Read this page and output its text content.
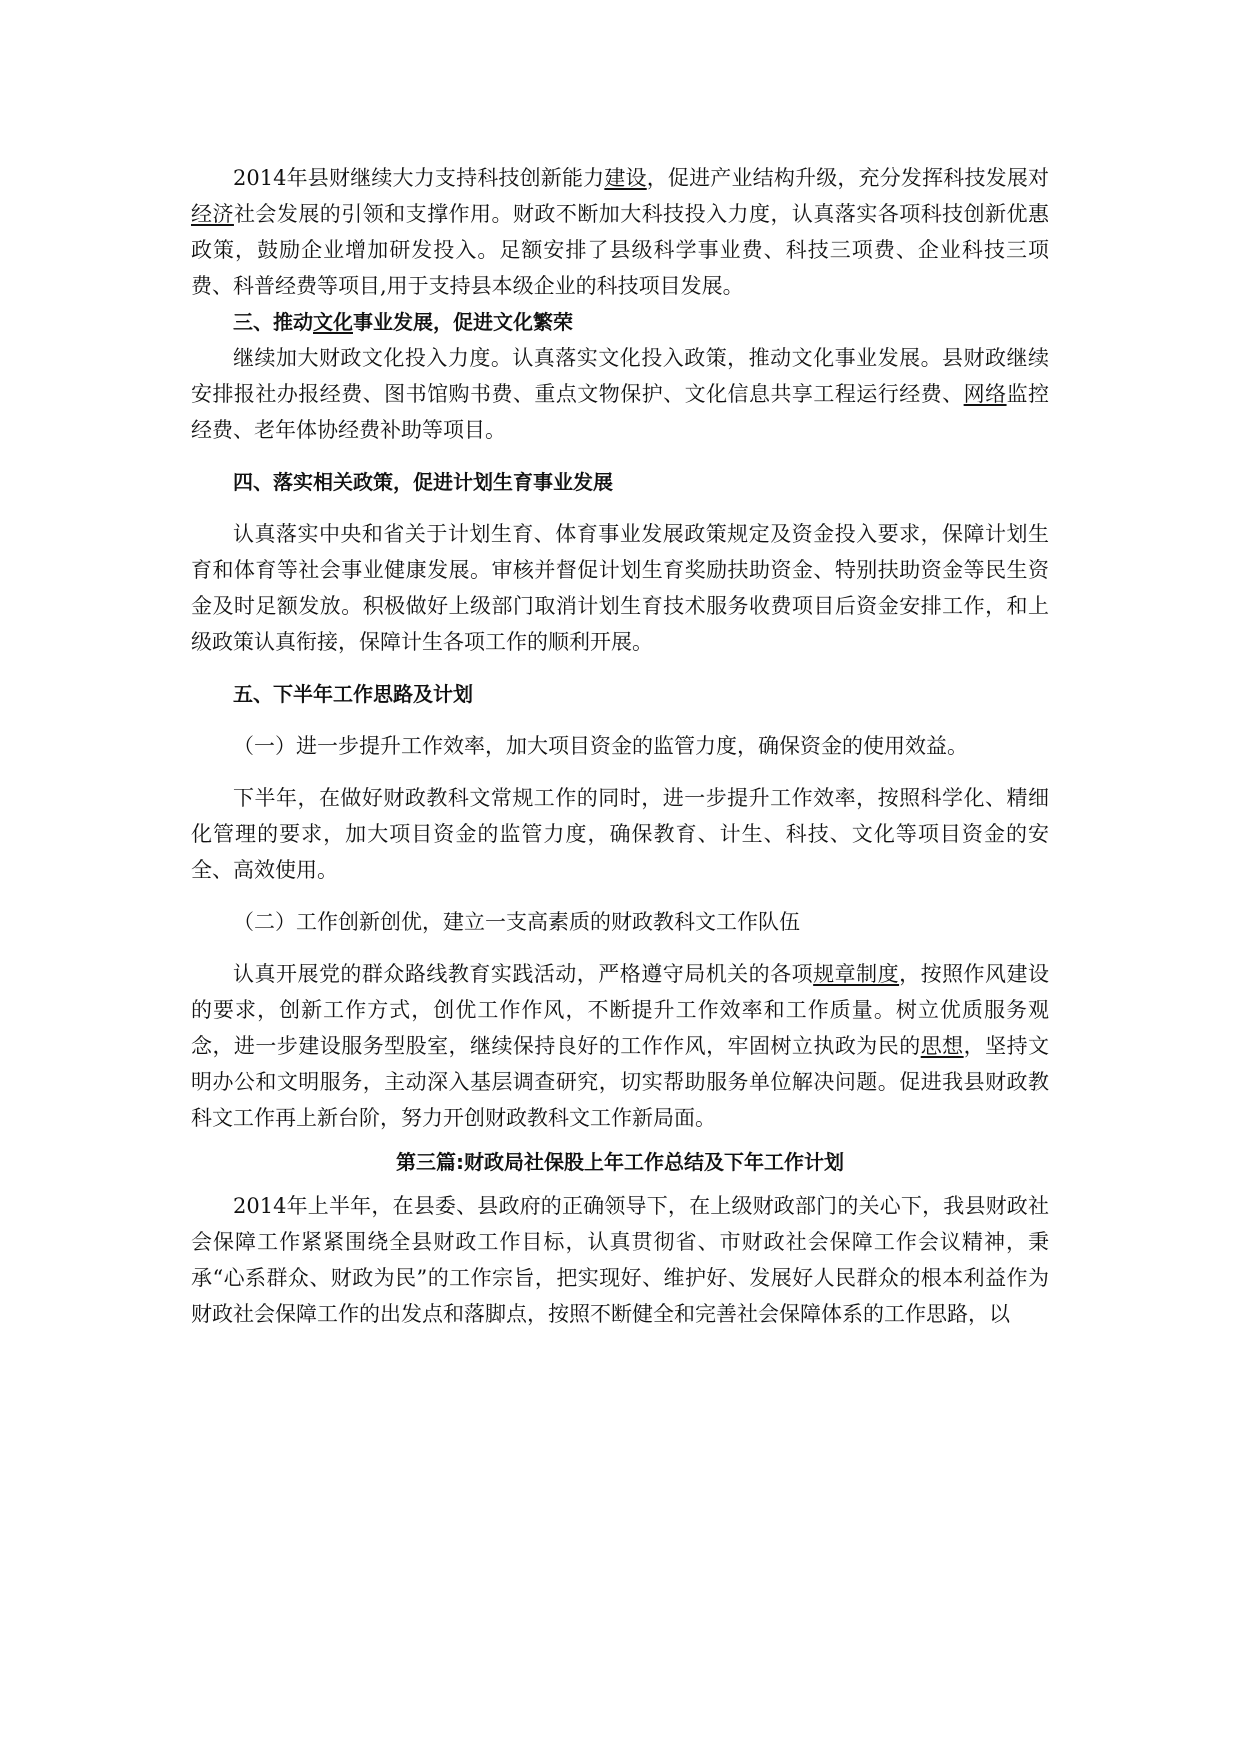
2014年县财继续大力支持科技创新能力建设，促进产业结构升级，充分发挥科技发展对经济社会发展的引领和支撑作用。财政不断加大科技投入力度，认真落实各项科技创新优惠政策，鼓励企业增加研发投入。足额安排了县级科学事业费、科技三项费、企业科技三项费、科普经费等项目,用于支持县本级企业的科技项目发展。

三、推动文化事业发展，促进文化繁荣

继续加大财政文化投入力度。认真落实文化投入政策，推动文化事业发展。县财政继续安排报社办报经费、图书馆购书费、重点文物保护、文化信息共享工程运行经费、网络监控经费、老年体协经费补助等项目。

四、落实相关政策，促进计划生育事业发展

认真落实中央和省关于计划生育、体育事业发展政策规定及资金投入要求，保障计划生育和体育等社会事业健康发展。审核并督促计划生育奖励扶助资金、特别扶助资金等民生资金及时足额发放。积极做好上级部门取消计划生育技术服务收费项目后资金安排工作，和上级政策认真衔接，保障计生各项工作的顺利开展。

五、下半年工作思路及计划

（一）进一步提升工作效率，加大项目资金的监管力度，确保资金的使用效益。

下半年，在做好财政教科文常规工作的同时，进一步提升工作效率，按照科学化、精细化管理的要求，加大项目资金的监管力度，确保教育、计生、科技、文化等项目资金的安全、高效使用。

（二）工作创新创优，建立一支高素质的财政教科文工作队伍

认真开展党的群众路线教育实践活动，严格遵守局机关的各项规章制度，按照作风建设的要求，创新工作方式，创优工作作风，不断提升工作效率和工作质量。树立优质服务观念，进一步建设服务型股室，继续保持良好的工作作风，牢固树立执政为民的思想，坚持文明办公和文明服务，主动深入基层调查研究，切实帮助服务单位解决问题。促进我县财政教科文工作再上新台阶，努力开创财政教科文工作新局面。

第三篇:财政局社保股上年工作总结及下年工作计划

2014年上半年，在县委、县政府的正确领导下，在上级财政部门的关心下，我县财政社会保障工作紧紧围绕全县财政工作目标，认真贯彻省、市财政社会保障工作会议精神，秉承“心系群众、财政为民”的工作宗旨，把实现好、维护好、发展好人民群众的根本利益作为财政社会保障工作的出发点和落脚点，按照不断健全和完善社会保障体系的工作思路，以
